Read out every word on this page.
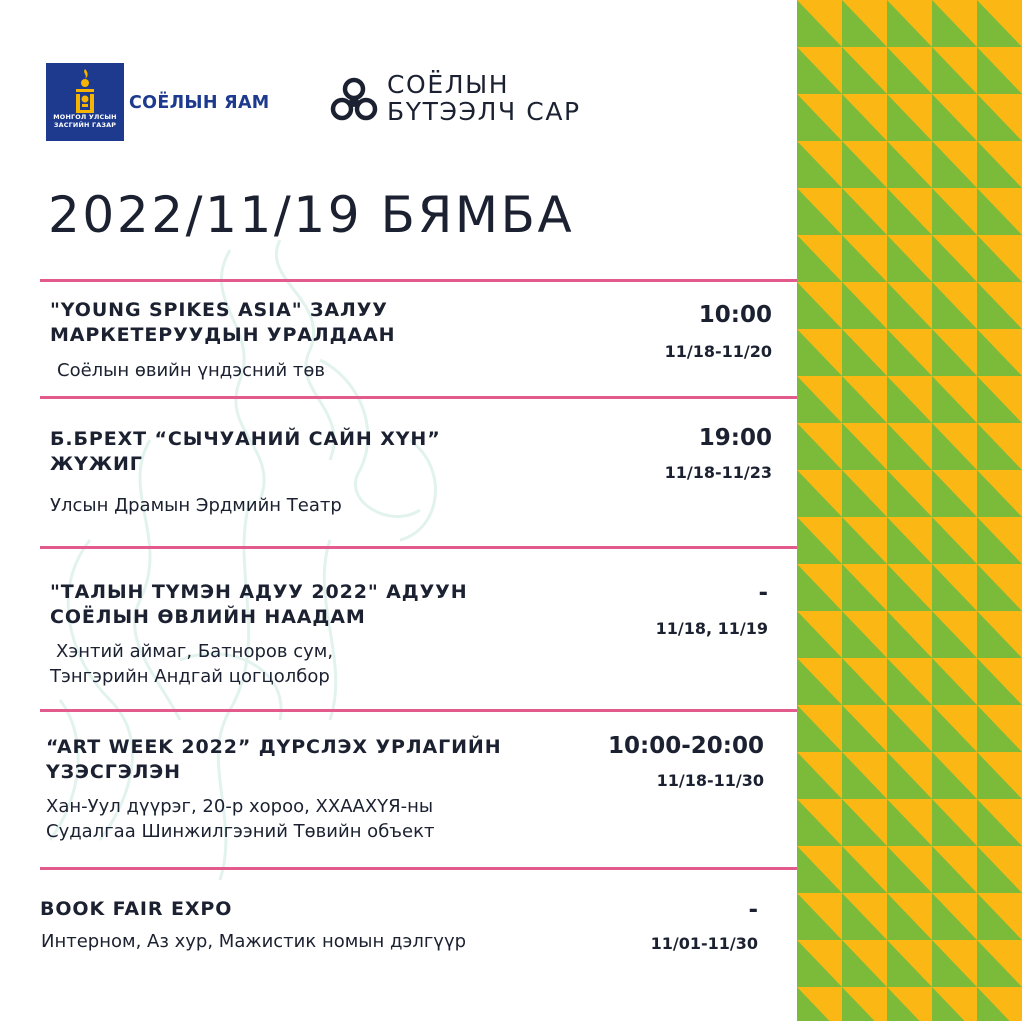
МОНГОЛ УЛСЫН
ЗАСГИЙН ГАЗАР
СОЁЛЫН ЯАМ
СОЁЛЫН
БҮТЭЭЛЧ САР
2022/11/19 БЯМБА
"YOUNG SPIKES ASIA" ЗАЛУУ
МАРКЕТЕРУУДЫН УРАЛДААН
Соёлын өвийн үндэсний төв
10:00
11/18-11/20
Б.БРЕХТ “СЫЧУАНИЙ САЙН ХҮН”
ЖҮЖИГ
Улсын Драмын Эрдмийн Театр
19:00
11/18-11/23
"ТАЛЫН ТҮМЭН АДУУ 2022" АДУУН
СОЁЛЫН ӨВЛИЙН НААДАМ
Хэнтий аймаг, Батноров сум,
Тэнгэрийн Андгай цогцолбор
-
11/18, 11/19
“ART WEEK 2022” ДҮРСЛЭХ УРЛАГИЙН
ҮЗЭСГЭЛЭН
Хан-Уул дүүрэг, 20-р хороо, ХХААХҮЯ-ны
Судалгаа Шинжилгээний Төвийн объект
10:00-20:00
11/18-11/30
BOOK FAIR EXPO
Интерном, Аз хур, Мажистик номын дэлгүүр
-
11/01-11/30
